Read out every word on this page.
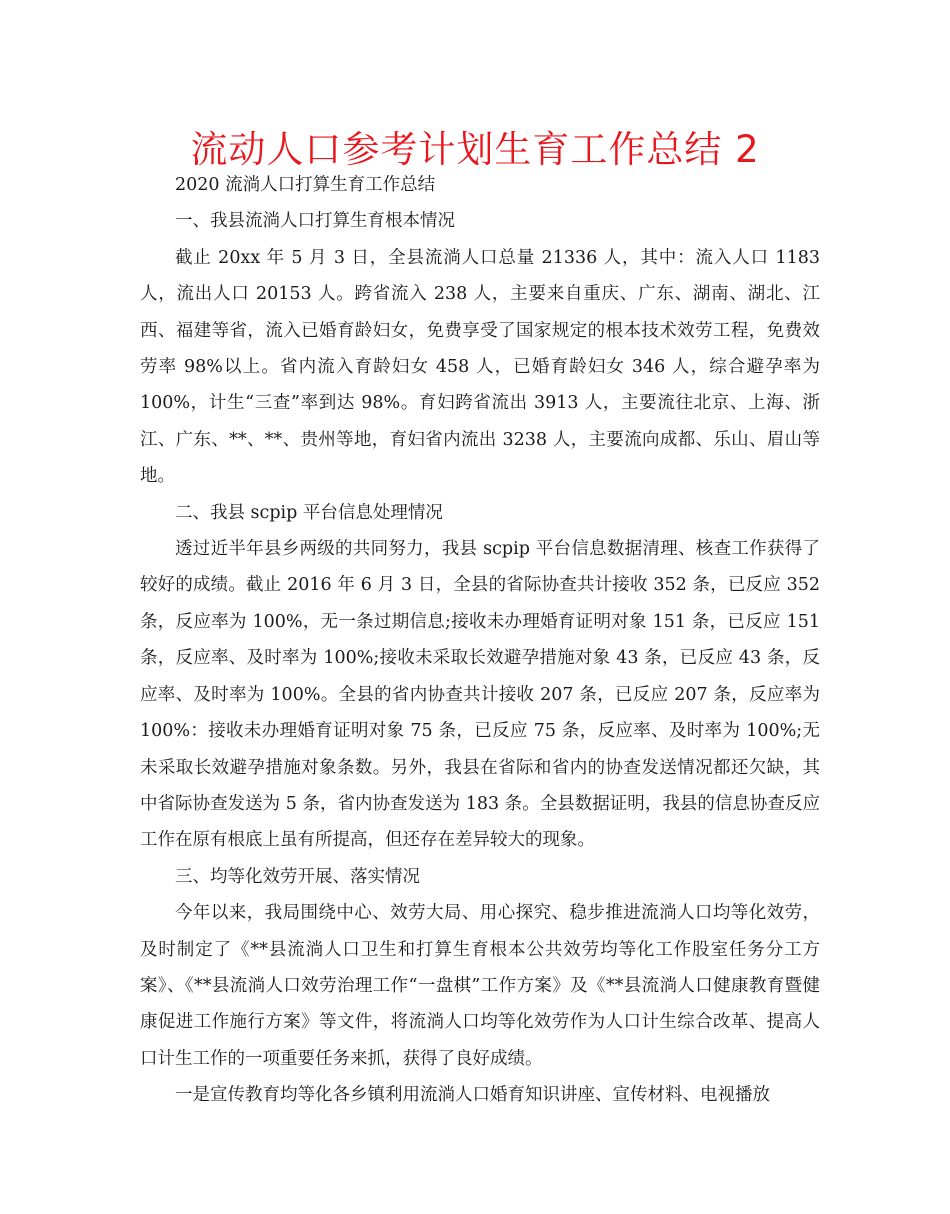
流动人口参考计划生育工作总结 2

2020 流淌人口打算生育工作总结

一、我县流淌人口打算生育根本情况

截止 20xx 年 5 月 3 日，全县流淌人口总量 21336 人，其中：流入人口 1183 人，流出人口 20153 人。跨省流入 238 人，主要来自重庆、广东、湖南、湖北、江西、福建等省，流入已婚育龄妇女，免费享受了国家规定的根本技术效劳工程，免费效劳率 98%以上。省内流入育龄妇女 458 人，已婚育龄妇女 346 人，综合避孕率为 100%，计生“三查”率到达 98%。育妇跨省流出 3913 人，主要流往北京、上海、浙江、广东、**、**、贵州等地，育妇省内流出 3238 人，主要流向成都、乐山、眉山等地。

二、我县 scpip 平台信息处理情况

透过近半年县乡两级的共同努力，我县 scpip 平台信息数据清理、核查工作获得了较好的成绩。截止 2016 年 6 月 3 日，全县的省际协查共计接收 352 条，已反应 352 条，反应率为 100%，无一条过期信息;接收未办理婚育证明对象 151 条，已反应 151 条，反应率、及时率为 100%;接收未采取长效避孕措施对象 43 条，已反应 43 条，反应率、及时率为 100%。全县的省内协查共计接收 207 条，已反应 207 条，反应率为 100%：接收未办理婚育证明对象 75 条，已反应 75 条，反应率、及时率为 100%;无未采取长效避孕措施对象条数。另外，我县在省际和省内的协查发送情况都还欠缺，其中省际协查发送为 5 条，省内协查发送为 183 条。全县数据证明，我县的信息协查反应工作在原有根底上虽有所提高，但还存在差异较大的现象。

三、均等化效劳开展、落实情况

今年以来，我局围绕中心、效劳大局、用心探究、稳步推进流淌人口均等化效劳，及时制定了《**县流淌人口卫生和打算生育根本公共效劳均等化工作股室任务分工方案》、《**县流淌人口效劳治理工作“一盘棋”工作方案》及《**县流淌人口健康教育暨健康促进工作施行方案》等文件，将流淌人口均等化效劳作为人口计生综合改革、提高人口计生工作的一项重要任务来抓，获得了良好成绩。

一是宣传教育均等化各乡镇利用流淌人口婚育知识讲座、宣传材料、电视播放
